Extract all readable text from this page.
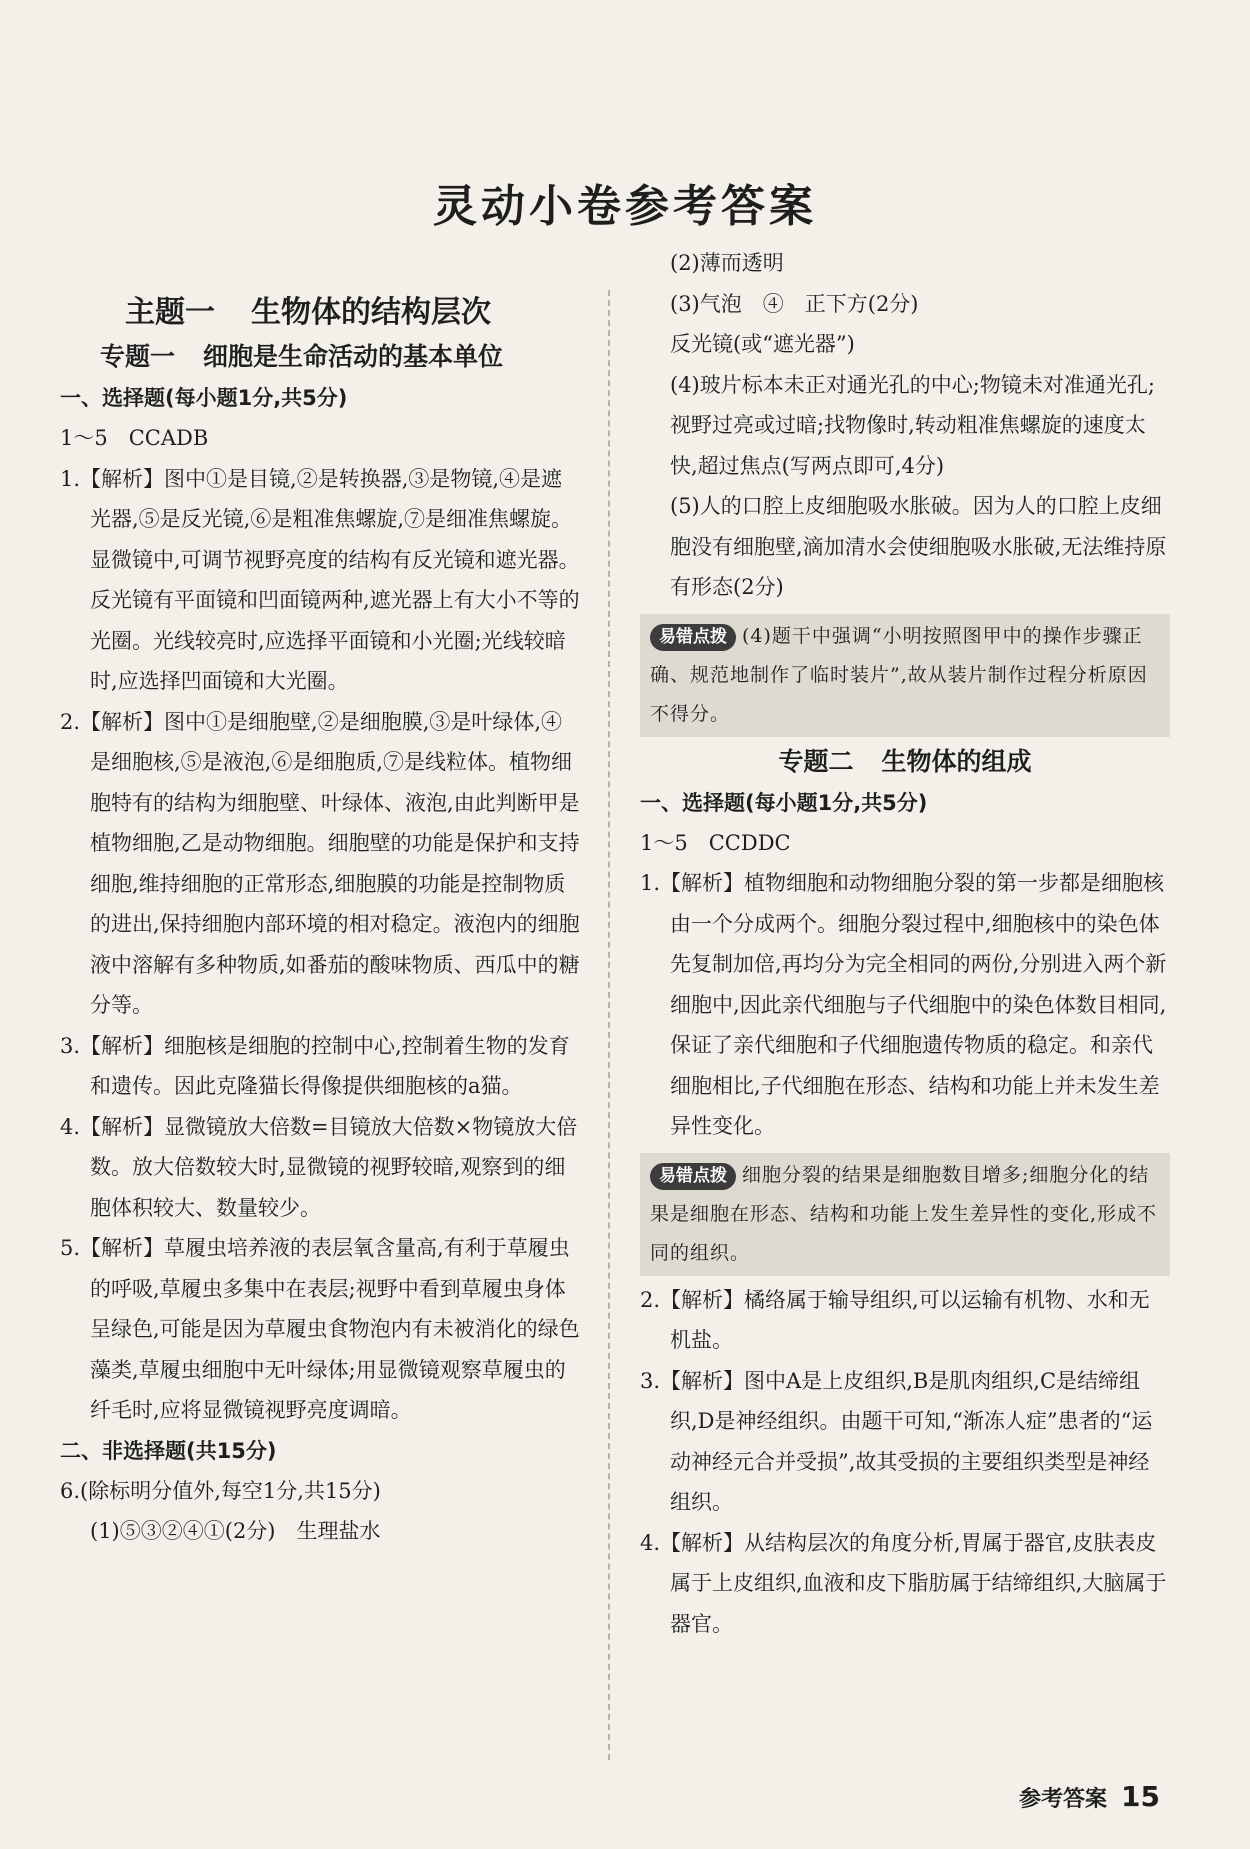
灵动小卷参考答案
主题一 生物体的结构层次
专题一 细胞是生命活动的基本单位
一、选择题(每小题1分,共5分)
1～5　CCADB
1.【解析】图中①是目镜,②是转换器,③是物镜,④是遮光器,⑤是反光镜,⑥是粗准焦螺旋,⑦是细准焦螺旋。显微镜中,可调节视野亮度的结构有反光镜和遮光器。反光镜有平面镜和凹面镜两种,遮光器上有大小不等的光圈。光线较亮时,应选择平面镜和小光圈;光线较暗时,应选择凹面镜和大光圈。
2.【解析】图中①是细胞壁,②是细胞膜,③是叶绿体,④是细胞核,⑤是液泡,⑥是细胞质,⑦是线粒体。植物细胞特有的结构为细胞壁、叶绿体、液泡,由此判断甲是植物细胞,乙是动物细胞。细胞壁的功能是保护和支持细胞,维持细胞的正常形态,细胞膜的功能是控制物质的进出,保持细胞内部环境的相对稳定。液泡内的细胞液中溶解有多种物质,如番茄的酸味物质、西瓜中的糖分等。
3.【解析】细胞核是细胞的控制中心,控制着生物的发育和遗传。因此克隆猫长得像提供细胞核的a猫。
4.【解析】显微镜放大倍数=目镜放大倍数×物镜放大倍数。放大倍数较大时,显微镜的视野较暗,观察到的细胞体积较大、数量较少。
5.【解析】草履虫培养液的表层氧含量高,有利于草履虫的呼吸,草履虫多集中在表层;视野中看到草履虫身体呈绿色,可能是因为草履虫食物泡内有未被消化的绿色藻类,草履虫细胞中无叶绿体;用显微镜观察草履虫的纤毛时,应将显微镜视野亮度调暗。
二、非选择题(共15分)
6.(除标明分值外,每空1分,共15分)
(1)⑤③②④①(2分)　生理盐水
(2)薄而透明
(3)气泡　④　正下方(2分)
反光镜(或“遮光器”)
(4)玻片标本未正对通光孔的中心;物镜未对准通光孔;视野过亮或过暗;找物像时,转动粗准焦螺旋的速度太快,超过焦点(写两点即可,4分)
(5)人的口腔上皮细胞吸水胀破。因为人的口腔上皮细胞没有细胞壁,滴加清水会使细胞吸水胀破,无法维持原有形态(2分)
易错点拨 (4)题干中强调“小明按照图甲中的操作步骤正确、规范地制作了临时装片”,故从装片制作过程分析原因不得分。
专题二 生物体的组成
一、选择题(每小题1分,共5分)
1～5　CCDDC
1.【解析】植物细胞和动物细胞分裂的第一步都是细胞核由一个分成两个。细胞分裂过程中,细胞核中的染色体先复制加倍,再均分为完全相同的两份,分别进入两个新细胞中,因此亲代细胞与子代细胞中的染色体数目相同,保证了亲代细胞和子代细胞遗传物质的稳定。和亲代细胞相比,子代细胞在形态、结构和功能上并未发生差异性变化。
易错点拨 细胞分裂的结果是细胞数目增多;细胞分化的结果是细胞在形态、结构和功能上发生差异性的变化,形成不同的组织。
2.【解析】橘络属于输导组织,可以运输有机物、水和无机盐。
3.【解析】图中A是上皮组织,B是肌肉组织,C是结缔组织,D是神经组织。由题干可知,“渐冻人症”患者的“运动神经元合并受损”,故其受损的主要组织类型是神经组织。
4.【解析】从结构层次的角度分析,胃属于器官,皮肤表皮属于上皮组织,血液和皮下脂肪属于结缔组织,大脑属于器官。
参考答案 15
